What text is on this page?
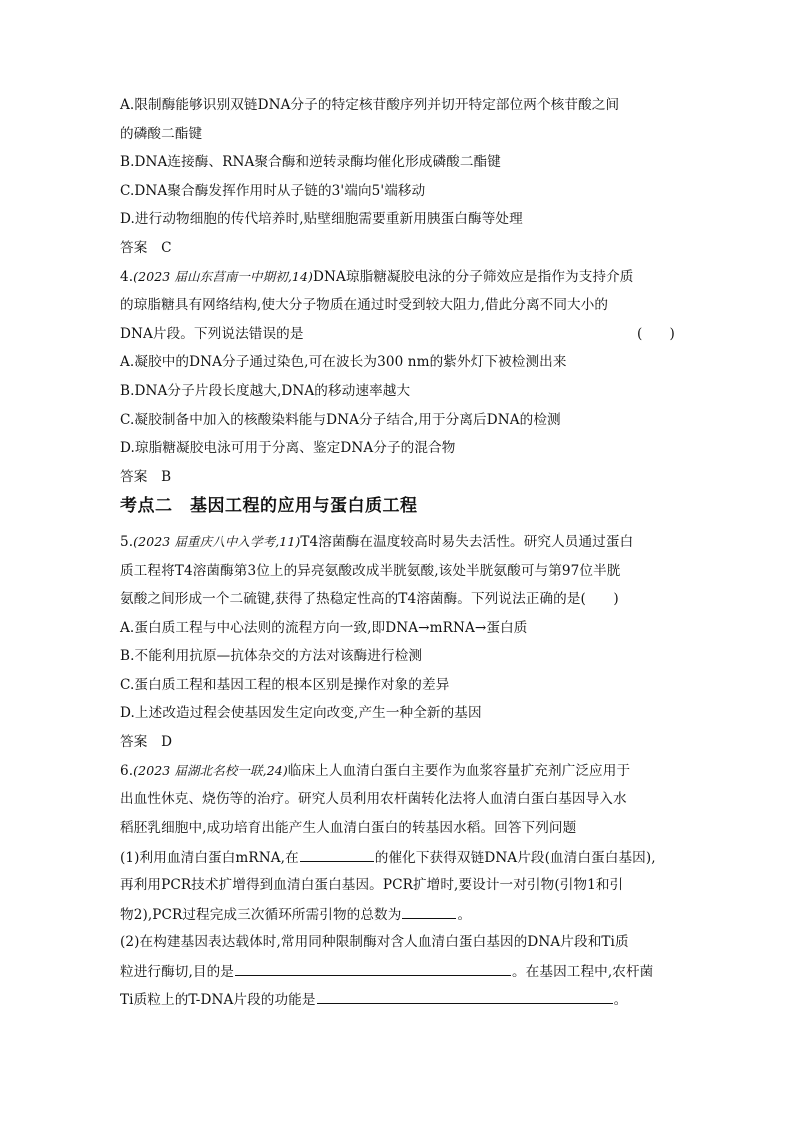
A.限制酶能够识别双链DNA分子的特定核苷酸序列并切开特定部位两个核苷酸之间
的磷酸二酯键
B.DNA连接酶、RNA聚合酶和逆转录酶均催化形成磷酸二酯键
C.DNA聚合酶发挥作用时从子链的3'端向5'端移动
D.进行动物细胞的传代培养时,贴壁细胞需要重新用胰蛋白酶等处理
答案　C
4.(2023 届山东莒南一中期初,14)DNA琼脂糖凝胶电泳的分子筛效应是指作为支持介质
的琼脂糖具有网络结构,使大分子物质在通过时受到较大阻力,借此分离不同大小的
DNA片段。下列说法错误的是	(　　)
A.凝胶中的DNA分子通过染色,可在波长为300 nm的紫外灯下被检测出来
B.DNA分子片段长度越大,DNA的移动速率越大
C.凝胶制备中加入的核酸染料能与DNA分子结合,用于分离后DNA的检测
D.琼脂糖凝胶电泳可用于分离、鉴定DNA分子的混合物
答案　B
考点二　基因工程的应用与蛋白质工程
5.(2023 届重庆八中入学考,11)T4溶菌酶在温度较高时易失去活性。研究人员通过蛋白
质工程将T4溶菌酶第3位上的异亮氨酸改成半胱氨酸,该处半胱氨酸可与第97位半胱
氨酸之间形成一个二硫键,获得了热稳定性高的T4溶菌酶。下列说法正确的是(　　)
A.蛋白质工程与中心法则的流程方向一致,即DNA→mRNA→蛋白质
B.不能利用抗原—抗体杂交的方法对该酶进行检测
C.蛋白质工程和基因工程的根本区别是操作对象的差异
D.上述改造过程会使基因发生定向改变,产生一种全新的基因
答案　D
6.(2023 届湖北名校一联,24)临床上人血清白蛋白主要作为血浆容量扩充剂广泛应用于
出血性休克、烧伤等的治疗。研究人员利用农杆菌转化法将人血清白蛋白基因导入水
稻胚乳细胞中,成功培育出能产生人血清白蛋白的转基因水稻。回答下列问题
(1)利用血清白蛋白mRNA,在	的催化下获得双链DNA片段(血清白蛋白基因),
再利用PCR技术扩增得到血清白蛋白基因。PCR扩增时,要设计一对引物(引物1和引
物2),PCR过程完成三次循环所需引物的总数为	。
(2)在构建基因表达载体时,常用同种限制酶对含人血清白蛋白基因的DNA片段和Ti质
粒进行酶切,目的是	。在基因工程中,农杆菌
Ti质粒上的T-DNA片段的功能是	。
